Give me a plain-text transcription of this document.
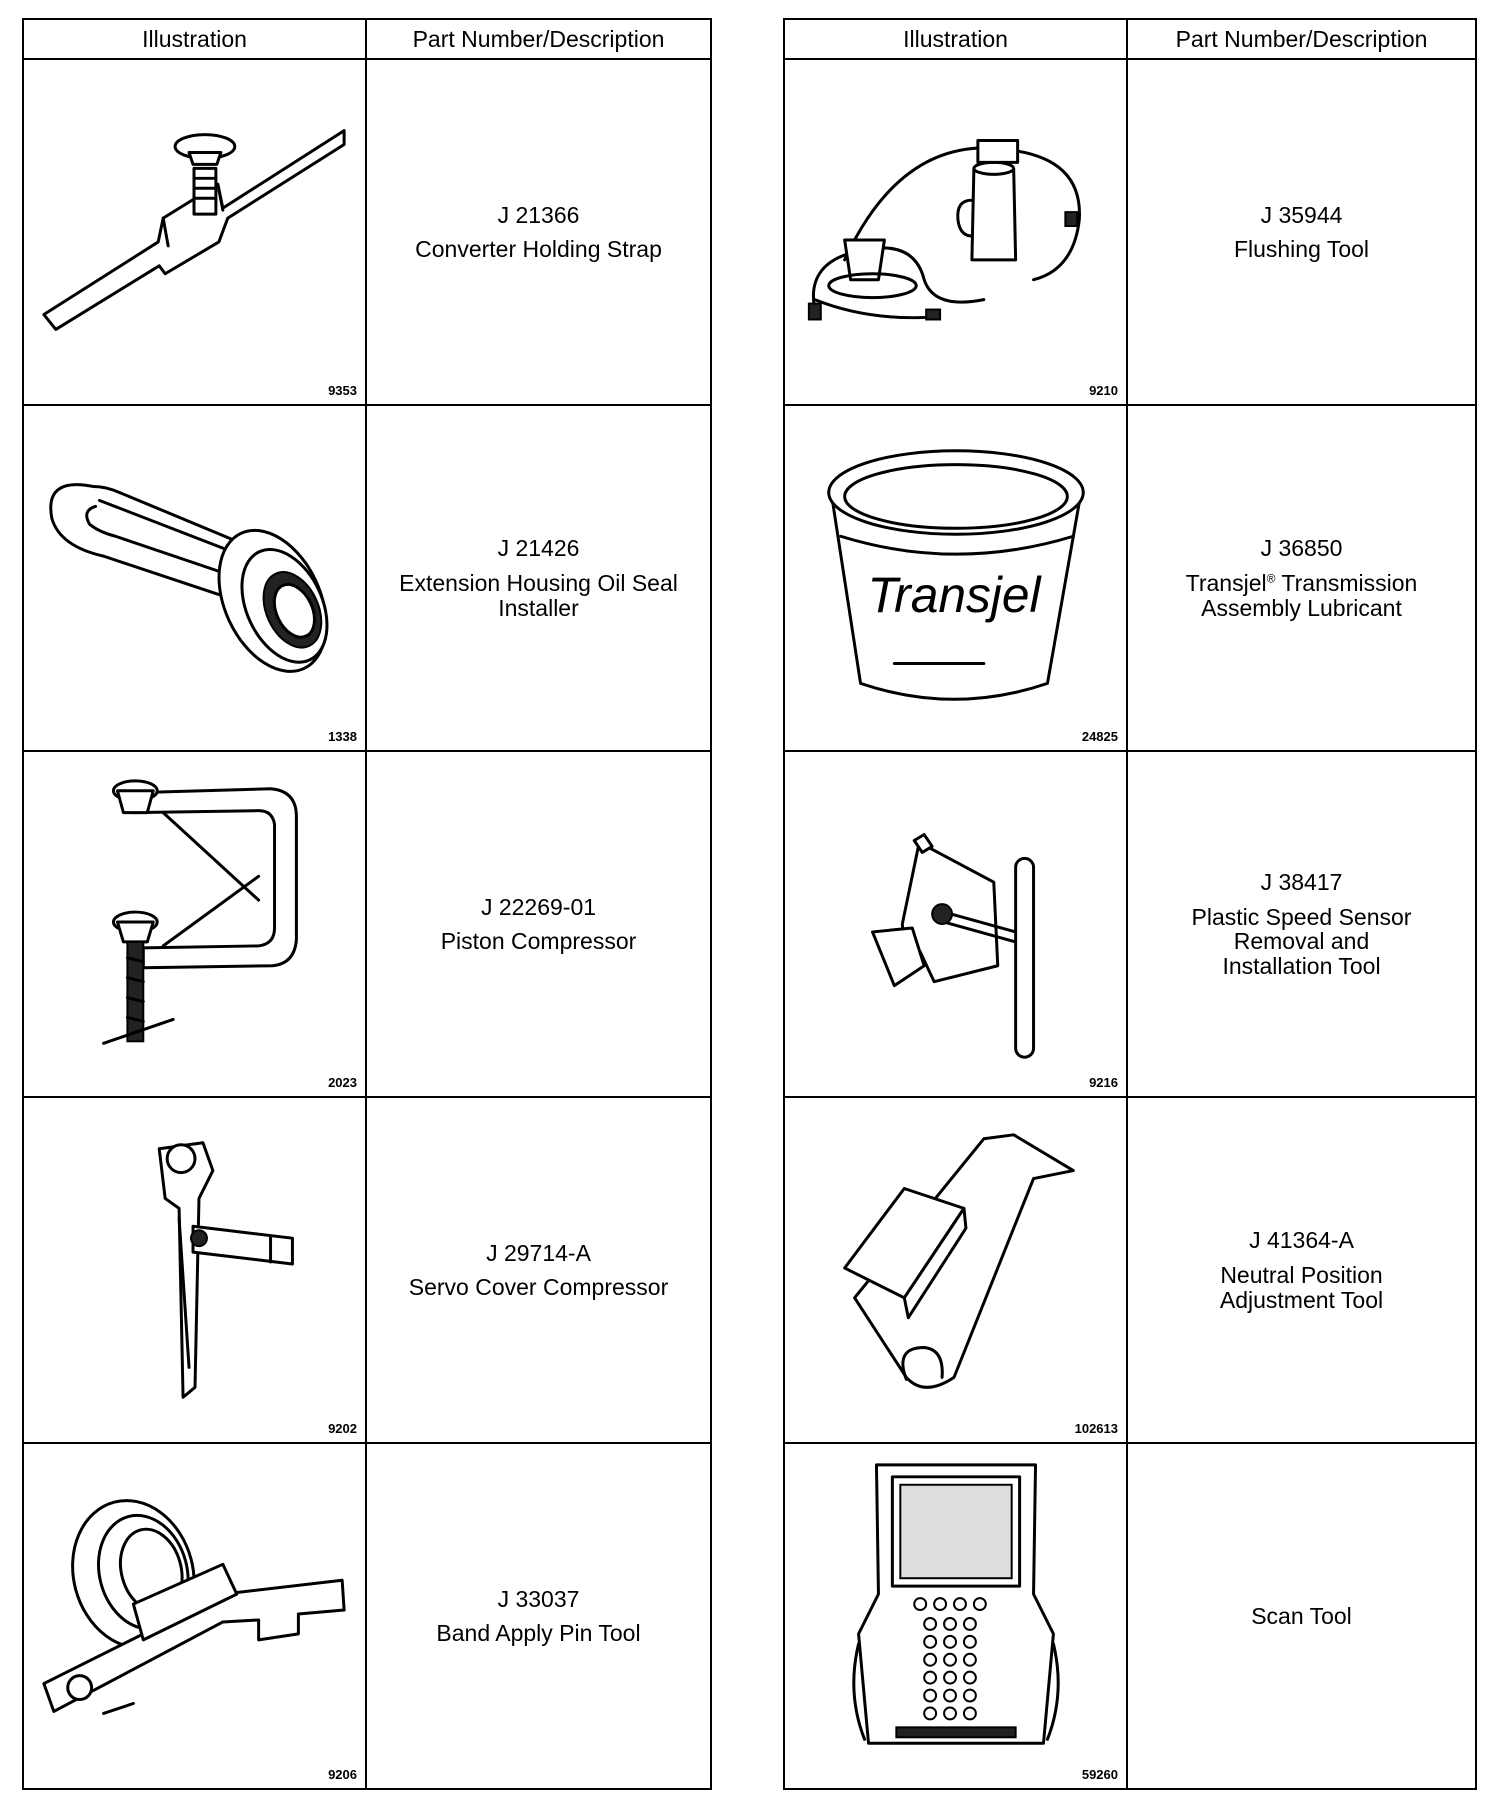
Illustration	Part Number/Description

9353	J 21366
Converter Holding Strap

1338	J 21426
Extension Housing Oil Seal
Installer

2023	J 22269-01
Piston Compressor

9202	J 29714-A
Servo Cover Compressor

9206	J 33037
Band Apply Pin Tool
Illustration	Part Number/Description

9210	J 35944
Flushing Tool

Transjel
24825	J 36850
Transjel® Transmission
Assembly Lubricant

9216	J 38417
Plastic Speed Sensor
Removal and
Installation Tool

102613	J 41364-A
Neutral Position
Adjustment Tool

59260	Scan Tool
